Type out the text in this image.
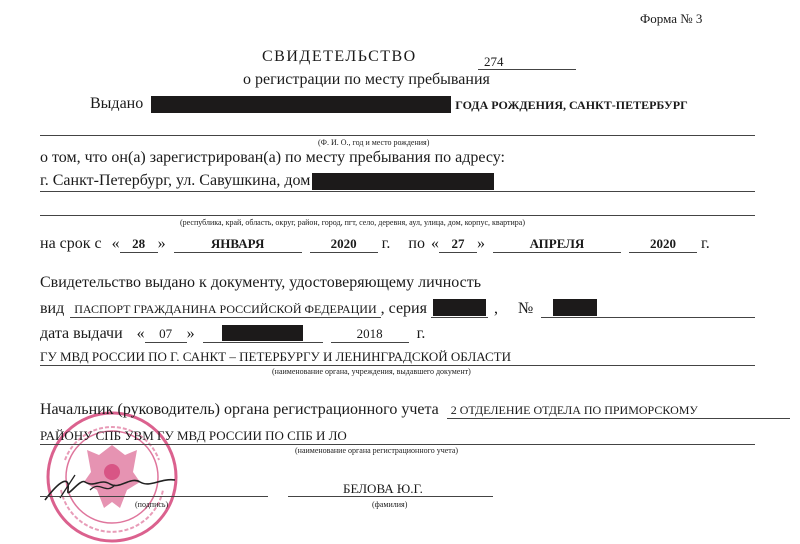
Форма № 3
СВИДЕТЕЛЬСТВО	274
о регистрации по месту пребывания
Выдано	ГОДА РОЖДЕНИЯ, САНКТ-ПЕТЕРБУРГ
(Ф. И. О., год и место рождения)
о том, что он(а) зарегистрирован(а) по месту пребывания по адресу:
г. Санкт-Петербург, ул. Савушкина, дом
(республика, край, область, округ, район, город, пгт, село, деревня, аул, улица, дом, корпус, квартира)
на срок с « 28 »	ЯНВАРЯ	2020	г. по « 27 »	АПРЕЛЯ	2020	г.
Свидетельство выдано к документу, удостоверяющему личность
вид ПАСПОРТ ГРАЖДАНИНА РОССИЙСКОЙ ФЕДЕРАЦИИ , серия	, №
дата выдачи «	07 »	2018	г.
ГУ МВД РОССИИ ПО Г. САНКТ – ПЕТЕРБУРГУ И ЛЕНИНГРАДСКОЙ ОБЛАСТИ
(наименование органа, учреждения, выдавшего документ)
Начальник (руководитель) органа регистрационного учета	2 ОТДЕЛЕНИЕ ОТДЕЛА ПО ПРИМОРСКОМУ
РАЙОНУ СПБ УВМ ГУ МВД РОССИИ ПО СПБ И ЛО
(наименование органа регистрационного учета)
(подпись)
БЕЛОВА Ю.Г.
(фамилия)
